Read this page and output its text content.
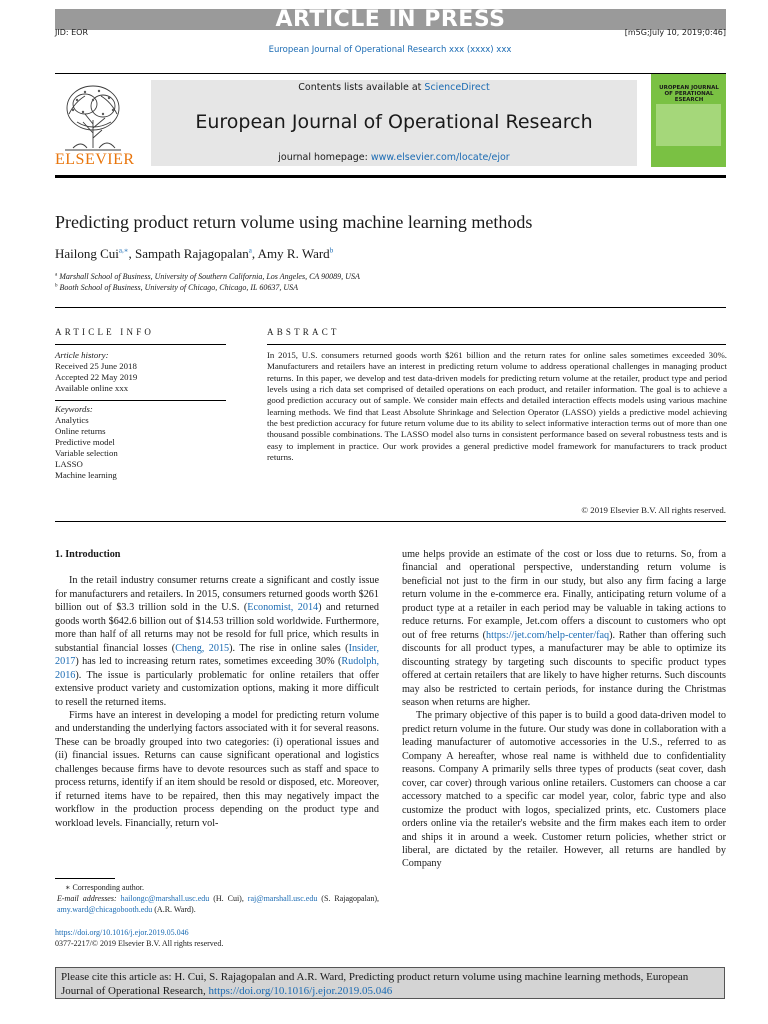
ARTICLE IN PRESS
JID: EOR	[m5G;July 10, 2019;0:46]
European Journal of Operational Research xxx (xxxx) xxx
ELSEVIER
Contents lists available at ScienceDirect
European Journal of Operational Research
journal homepage: www.elsevier.com/locate/ejor
UROPEAN JOURNAL OF PERATIONAL ESEARCH
Predicting product return volume using machine learning methods
Hailong Cui$^{a,∗}$, Sampath Rajagopalan$^a$, Amy R. Ward$^b$
$^a$ Marshall School of Business, University of Southern California, Los Angeles, CA 90089, USA
$^b$ Booth School of Business, University of Chicago, Chicago, IL 60637, USA
ARTICLE INFO
Article history:
Received 25 June 2018
Accepted 22 May 2019
Available online xxx
Keywords:
Analytics
Online returns
Predictive model
Variable selection
LASSO
Machine learning
ABSTRACT
In 2015, U.S. consumers returned goods worth $261 billion and the return rates for online sales sometimes exceeded 30%. Manufacturers and retailers have an interest in predicting return volume to address operational challenges in managing product returns. In this paper, we develop and test data-driven models for predicting return volume at the retailer, product type and period levels using a rich data set comprised of detailed operations on each product, and retailer information. The goal is to achieve a good prediction accuracy out of sample. We consider main effects and detailed interaction effects models using various machine learning methods. We find that Least Absolute Shrinkage and Selection Operator (LASSO) yields a predictive model achieving the best prediction accuracy for future return volume due to its ability to select informative interaction terms out of more than one thousand possible combinations. The LASSO model also turns in consistent performance based on several robustness tests and is easy to implement in practice. Our work provides a general predictive model framework for manufacturers to track product returns.
© 2019 Elsevier B.V. All rights reserved.

1. Introduction

In the retail industry consumer returns create a significant and costly issue for manufacturers and retailers. In 2015, consumers returned goods worth $261 billion out of $3.3 trillion sold in the U.S. (Economist, 2014) and returned goods worth $642.6 billion out of $14.53 trillion sold worldwide. Furthermore, more than half of all returns may not be resold for full price, which results in substantial financial losses (Cheng, 2015). The rise in online sales (Insider, 2017) has led to increasing return rates, sometimes exceeding 30% (Rudolph, 2016). The issue is particularly problematic for online retailers that offer extensive product variety and customization options, making it more difficult to resell the returned items.

Firms have an interest in developing a model for predicting return volume and understanding the underlying factors associated with it for several reasons. These can be broadly grouped into two categories: (i) operational issues and (ii) financial issues. Returns can cause significant operational and logistics challenges because firms have to devote resources such as staff and space to process returns, identify if an item should be resold or disposed, etc. Moreover, if returned items have to be repaired, then this may negatively impact the workflow in the production process depending on the product type and workload levels. Financially, return vol-

ume helps provide an estimate of the cost or loss due to returns. So, from a financial and operational perspective, understanding return volume is beneficial not just to the firm in our study, but also any firm facing a large return volume in the e-commerce era. Finally, anticipating return volume of a product type at a retailer in each period may be valuable in taking actions to reduce returns. For example, Jet.com offers a discount to customers who opt out of free returns (https://jet.com/help-center/faq). Rather than offering such discounts for all product types, a manufacturer may be able to optimize its discounting strategy by targeting such discounts to specific product types offered at certain retailers that are likely to have higher returns. Such discounts may also be restricted to certain periods, for instance during the Christmas season when returns are higher.

The primary objective of this paper is to build a good data-driven model to predict return volume in the future. Our study was done in collaboration with a leading manufacturer of automotive accessories in the U.S., referred to as Company A hereafter, whose real name is withheld due to confidentiality reasons. Company A primarily sells three types of products (seat cover, dash cover, car cover) through various online retailers. Customers can choose a car accessory matched to a specific car model year, color, fabric type and also customize the product with logos, specialized prints, etc. Customers place orders online via the retailer's website and the firm makes each item to order and ships it in around a week. Customer return policies, whether strict or liberal, are dictated by the retailer. However, all returns are handled by Company

∗ Corresponding author.
E-mail addresses: hailongc@marshall.usc.edu (H. Cui), raj@marshall.usc.edu (S. Rajagopalan), amy.ward@chicagobooth.edu (A.R. Ward).
https://doi.org/10.1016/j.ejor.2019.05.046
0377-2217/© 2019 Elsevier B.V. All rights reserved.
Please cite this article as: H. Cui, S. Rajagopalan and A.R. Ward, Predicting product return volume using machine learning methods, European Journal of Operational Research, https://doi.org/10.1016/j.ejor.2019.05.046
